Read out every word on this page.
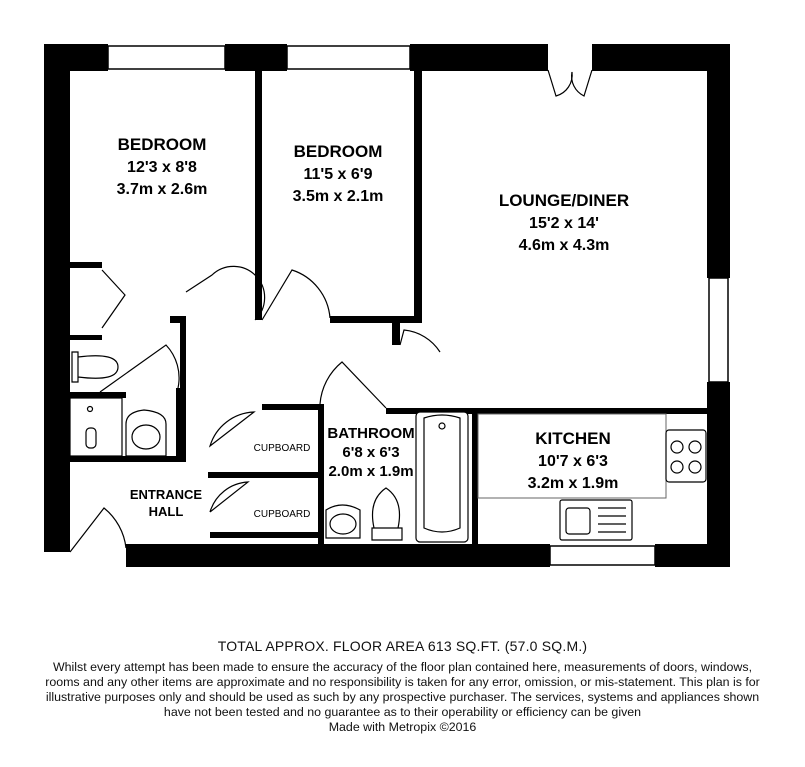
BEDROOM
12'3 x 8'8
3.7m x 2.6m
BEDROOM
11'5 x 6'9
3.5m x 2.1m	LOUNGE/DINER
15'2 x 14'
4.6m x 4.3m
BATHROOM
6'8 x 6'3
2.0m x 1.9m
KITCHEN
10'7 x 6'3
3.2m x 1.9m
ENTRANCE
HALL
CUPBOARD
CUPBOARD
TOTAL APPROX. FLOOR AREA 613 SQ.FT. (57.0 SQ.M.)
Whilst every attempt has been made to ensure the accuracy of the floor plan contained here, measurements of doors, windows, rooms and any other items are approximate and no responsibility is taken for any error, omission, or mis-statement. This plan is for illustrative purposes only and should be used as such by any prospective purchaser. The services, systems and appliances shown have not been tested and no guarantee as to their operability or efficiency can be given
Made with Metropix ©2016
